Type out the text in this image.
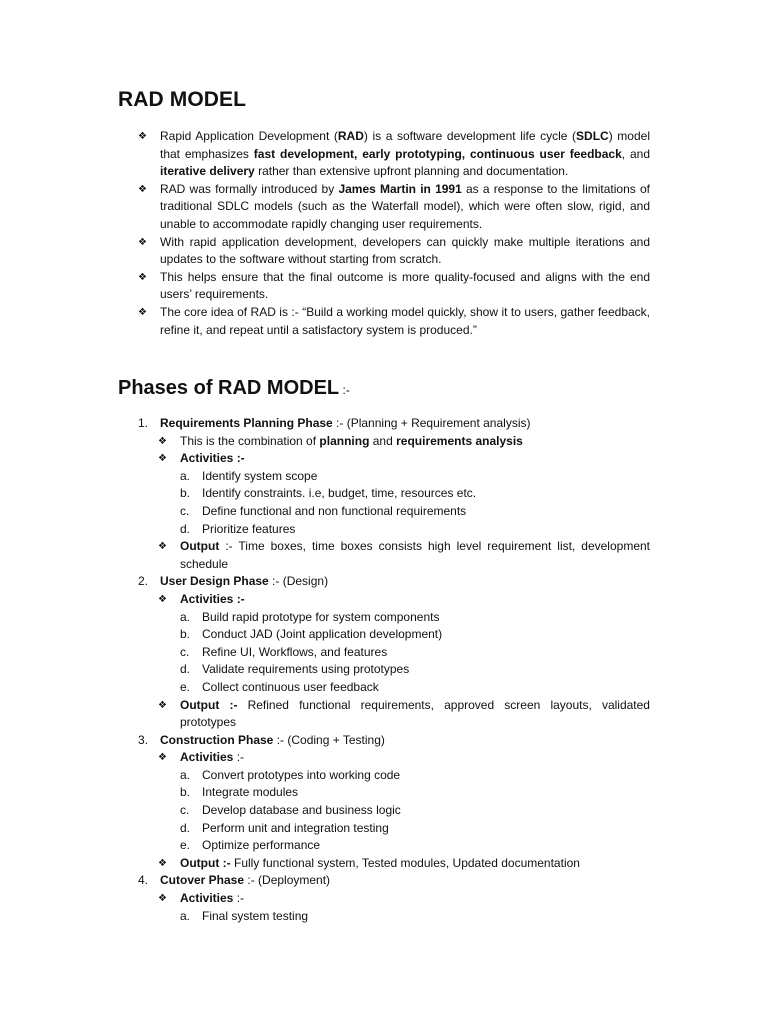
RAD MODEL
❖ Rapid Application Development (RAD) is a software development life cycle (SDLC) model that emphasizes fast development, early prototyping, continuous user feedback, and iterative delivery rather than extensive upfront planning and documentation.
❖ RAD was formally introduced by James Martin in 1991 as a response to the limitations of traditional SDLC models (such as the Waterfall model), which were often slow, rigid, and unable to accommodate rapidly changing user requirements.
❖ With rapid application development, developers can quickly make multiple iterations and updates to the software without starting from scratch.
❖ This helps ensure that the final outcome is more quality-focused and aligns with the end users’ requirements.
❖ The core idea of RAD is :- “Build a working model quickly, show it to users, gather feedback, refine it, and repeat until a satisfactory system is produced.”
Phases of RAD MODEL :-
1. Requirements Planning Phase :- (Planning + Requirement analysis)
❖ This is the combination of planning and requirements analysis
❖ Activities :-
a. Identify system scope
b. Identify constraints. i.e, budget, time, resources etc.
c. Define functional and non functional requirements
d. Prioritize features
❖ Output :- Time boxes, time boxes consists high level requirement list, development schedule
2. User Design Phase :- (Design)
❖ Activities :-
a. Build rapid prototype for system components
b. Conduct JAD (Joint application development)
c. Refine UI, Workflows, and features
d. Validate requirements using prototypes
e. Collect continuous user feedback
❖ Output :- Refined functional requirements, approved screen layouts, validated prototypes
3. Construction Phase :- (Coding + Testing)
❖ Activities :-
a. Convert prototypes into working code
b. Integrate modules
c. Develop database and business logic
d. Perform unit and integration testing
e. Optimize performance
❖ Output :- Fully functional system, Tested modules, Updated documentation
4. Cutover Phase :- (Deployment)
❖ Activities :-
a. Final system testing
